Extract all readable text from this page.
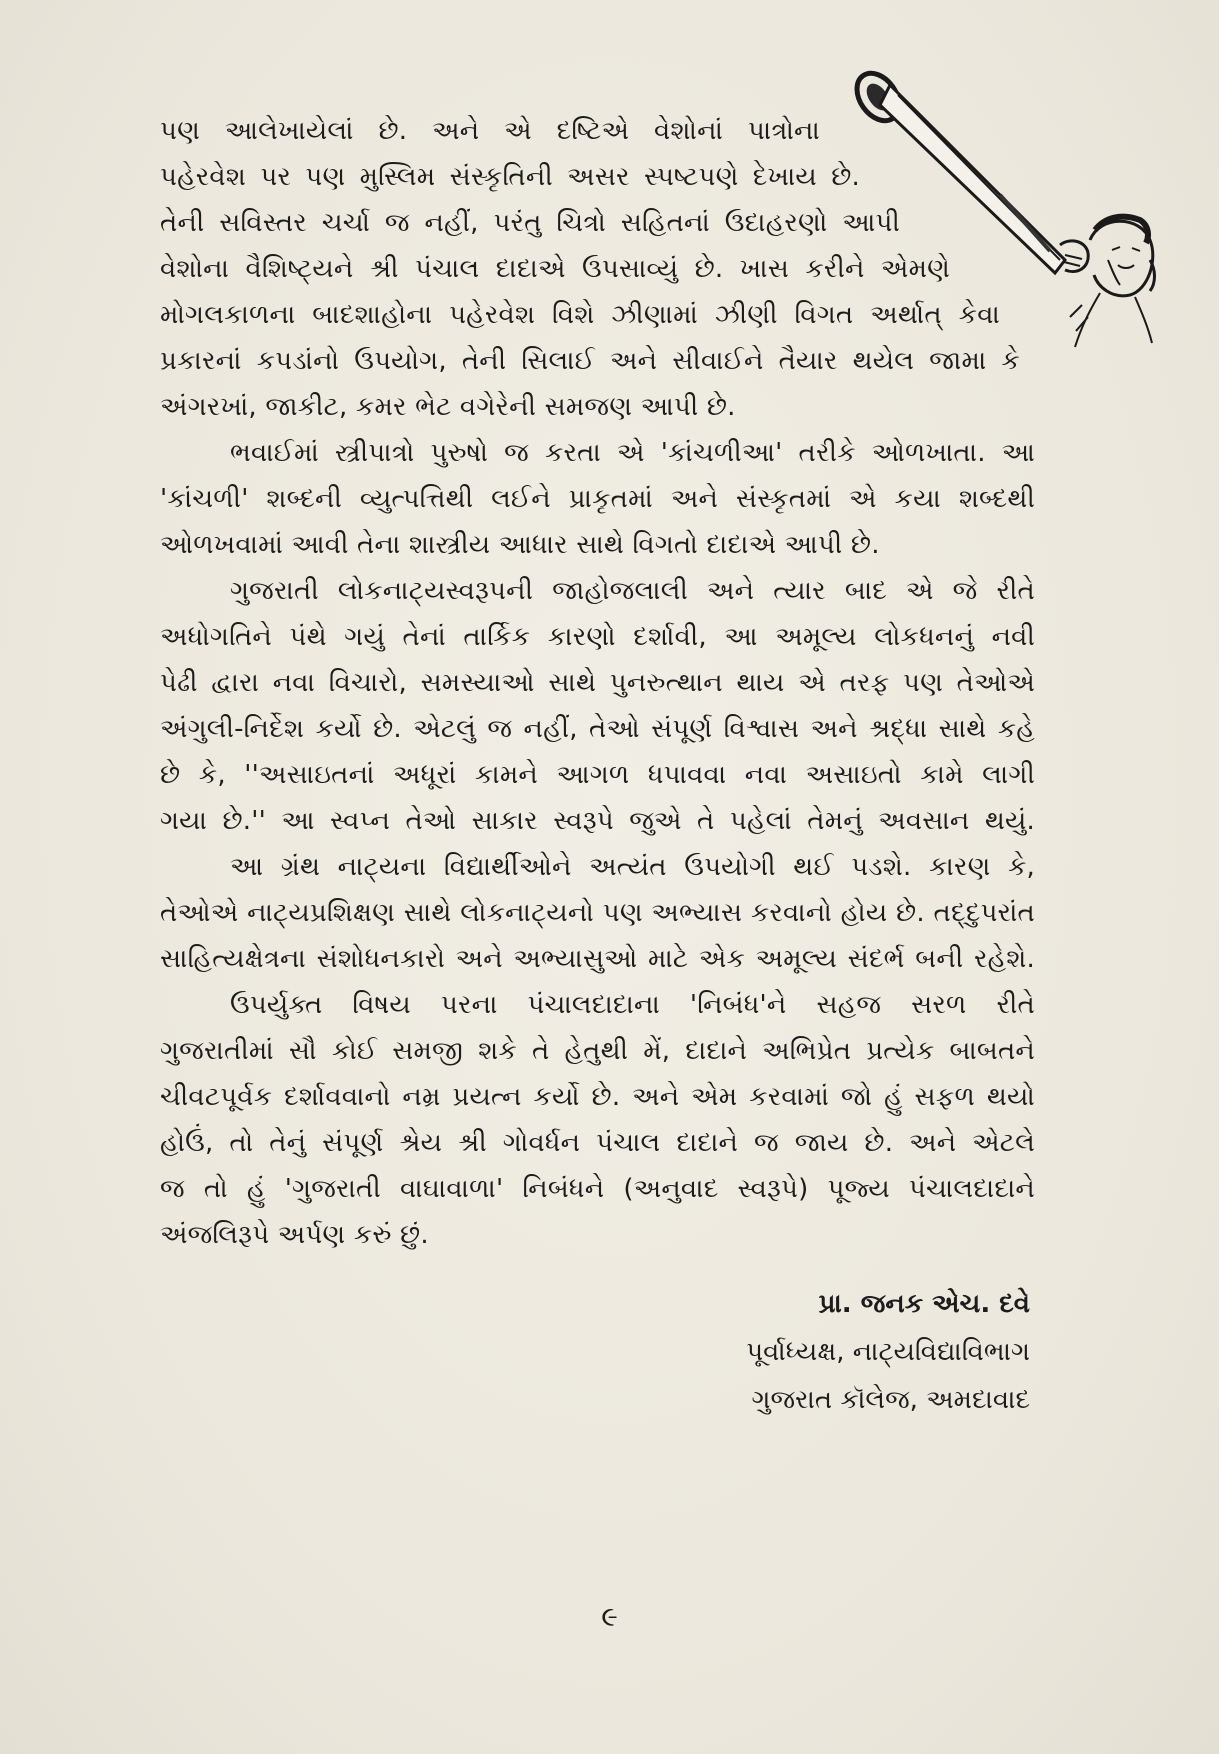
પણ આલેખાયેલાં છે. અને એ દષ્ટિએ વેશોનાં પાત્રોના
પહેરવેશ પર પણ મુસ્લિમ સંસ્કૃતિની અસર સ્પષ્ટપણે દેખાય છે.
તેની સવિસ્તર ચર્ચા જ નહીં, પરંતુ ચિત્રો સહિતનાં ઉદાહરણો આપી
વેશોના વૈશિષ્ટ્યને શ્રી પંચાલ દાદાએ ઉપસાવ્યું છે. ખાસ કરીને એમણે
મોગલકાળના બાદશાહોના પહેરવેશ વિશે ઝીણામાં ઝીણી વિગત અર્થાત્ કેવા
પ્રકારનાં કપડાંનો ઉપયોગ, તેની સિલાઈ અને સીવાઈને તૈયાર થયેલ જામા કે
અંગરખાં, જાકીટ, કમર ભેટ વગેરેની સમજણ આપી છે.
ભવાઈમાં સ્ત્રીપાત્રો પુરુષો જ કરતા એ 'કાંચળીઆ' તરીકે ઓળખાતા. આ
'કાંચળી' શબ્દની વ્યુત્પત્તિથી લઈને પ્રાકૃતમાં અને સંસ્કૃતમાં એ કયા શબ્દથી
ઓળખવામાં આવી તેના શાસ્ત્રીય આધાર સાથે વિગતો દાદાએ આપી છે.
ગુજરાતી લોકનાટ્યસ્વરૂપની જાહોજલાલી અને ત્યાર બાદ એ જે રીતે
અધોગતિને પંથે ગયું તેનાં તાર્કિક કારણો દર્શાવી, આ અમૂલ્ય લોકધનનું નવી
પેઢી દ્વારા નવા વિચારો, સમસ્યાઓ સાથે પુનરુત્થાન થાય એ તરફ પણ તેઓએ
અંગુલી-નિર્દેશ કર્યો છે. એટલું જ નહીં, તેઓ સંપૂર્ણ વિશ્વાસ અને શ્રદ્ધા સાથે કહે
છે કે, ''અસાઇતનાં અધૂરાં કામને આગળ ધપાવવા નવા અસાઇતો કામે લાગી
ગયા છે.'' આ સ્વપ્ન તેઓ સાકાર સ્વરૂપે જુએ તે પહેલાં તેમનું અવસાન થયું.
આ ગ્રંથ નાટ્યના વિદ્યાર્થીઓને અત્યંત ઉપયોગી થઈ પડશે. કારણ કે,
તેઓએ નાટ્યપ્રશિક્ષણ સાથે લોકનાટ્યનો પણ અભ્યાસ કરવાનો હોય છે. તદ્દુપરાંત
સાહિત્યક્ષેત્રના સંશોધનકારો અને અભ્યાસુઓ માટે એક અમૂલ્ય સંદર્ભ બની રહેશે.
ઉપર્યુક્ત વિષય પરના પંચાલદાદાના 'નિબંધ'ને સહજ સરળ રીતે
ગુજરાતીમાં સૌ કોઈ સમજી શકે તે હેતુથી મેં, દાદાને અભિપ્રેત પ્રત્યેક બાબતને
ચીવટપૂર્વક દર્શાવવાનો નમ્ર પ્રયત્ન કર્યો છે. અને એમ કરવામાં જો હું સફળ થયો
હોઉં, તો તેનું સંપૂર્ણ શ્રેય શ્રી ગોવર્ધન પંચાલ દાદાને જ જાય છે. અને એટલે
જ તો હું 'ગુજરાતી વાઘાવાળા' નિબંધને (અનુવાદ સ્વરૂપે) પૂજ્ય પંચાલદાદાને
અંજલિરૂપે અર્પણ કરું છું.
પ્રા. જનક એચ. દવે
પૂર્વાધ્યક્ષ, નાટ્યવિદ્યાવિભાગ
ગુજરાત કૉલેજ, અમદાવાદ
૯
